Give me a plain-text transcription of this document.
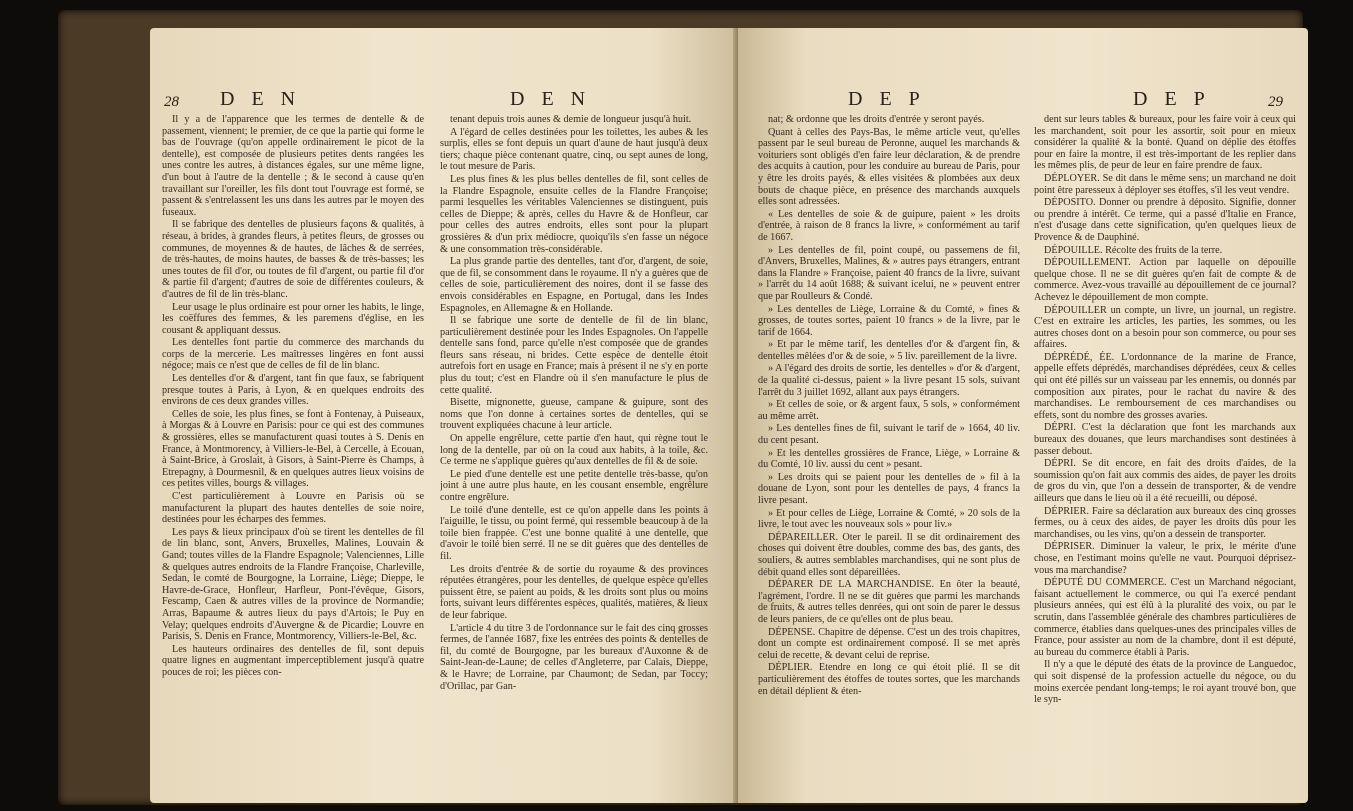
28 D E N	D E N

Il y a de l'apparence que les termes de dentelle & de passement, viennent; le premier, de ce que la partie qui forme le bas de l'ouvrage (qu'on appelle ordinairement le picot de la dentelle), est composée de plusieurs petites dents rangées les unes contre les autres, à distances égales, sur une même ligne, d'un bout à l'autre de la dentelle ; & le second à cause qu'en travaillant sur l'oreiller, les fils dont tout l'ouvrage est formé, se passent & s'entrelassent les uns dans les autres par le moyen des fuseaux.

Il se fabrique des dentelles de plusieurs façons & qualités, à réseau, à brides, à grandes fleurs, à petites fleurs, de grosses ou communes, de moyennes & de hautes, de lâches & de serrées, de très-hautes, de moins hautes, de basses & de très-basses; les unes toutes de fil d'or, ou toutes de fil d'argent, ou partie fil d'or & partie fil d'argent; d'autres de soie de différentes couleurs, & d'autres de fil de lin très-blanc.

Leur usage le plus ordinaire est pour orner les habits, le linge, les coëffures des femmes, & les paremens d'église, en les cousant & appliquant dessus.

Les dentelles font partie du commerce des marchands du corps de la mercerie. Les maîtresses lingères en font aussi négoce; mais ce n'est que de celles de fil de lin blanc.

Les dentelles d'or & d'argent, tant fin que faux, se fabriquent presque toutes à Paris, à Lyon, & en quelques endroits des environs de ces deux grandes villes.

Celles de soie, les plus fines, se font à Fontenay, à Puiseaux, à Morgas & à Louvre en Parisis: pour ce qui est des communes & grossières, elles se manufacturent quasi toutes à S. Denis en France, à Montmorency, à Villiers-le-Bel, à Cercelle, à Ecouan, à Saint-Brice, à Groslait, à Gisors, à Saint-Pierre ès Champs, à Etrepagny, à Dourmesnil, & en quelques autres lieux voisins de ces petites villes, bourgs & villages.

C'est particulièrement à Louvre en Parisis où se manufacturent la plupart des hautes dentelles de soie noire, destinées pour les écharpes des femmes.

Les pays & lieux principaux d'où se tirent les dentelles de fil de lin blanc, sont, Anvers, Bruxelles, Malines, Louvain & Gand; toutes villes de la Flandre Espagnole; Valenciennes, Lille & quelques autres endroits de la Flandre Françoise, Charleville, Sedan, le comté de Bourgogne, la Lorraine, Liège; Dieppe, le Havre-de-Grace, Honfleur, Harfleur, Pont-l'évêque, Gisors, Fescamp, Caen & autres villes de la province de Normandie; Arras, Bapaume & autres lieux du pays d'Artois; le Puy en Velay; quelques endroits d'Auvergne & de Picardie; Louvre en Parisis, S. Denis en France, Montmorency, Villiers-le-Bel, &c.

Les hauteurs ordinaires des dentelles de fil, sont depuis quatre lignes en augmentant imperceptiblement jusqu'à quatre pouces de roi; les pièces con-

tenant depuis trois aunes & demie de longueur jusqu'à huit.

A l'égard de celles destinées pour les toilettes, les aubes & les surplis, elles se font depuis un quart d'aune de haut jusqu'à deux tiers; chaque pièce contenant quatre, cinq, ou sept aunes de long, le tout mesure de Paris.

Les plus fines & les plus belles dentelles de fil, sont celles de la Flandre Espagnole, ensuite celles de la Flandre Françoise; parmi lesquelles les véritables Valenciennes se distinguent, puis celles de Dieppe; & après, celles du Havre & de Honfleur, car pour celles des autres endroits, elles sont pour la plupart grossières & d'un prix médiocre, quoiqu'ils s'en fasse un négoce & une consommation très-considérable.

La plus grande partie des dentelles, tant d'or, d'argent, de soie, que de fil, se consomment dans le royaume. Il n'y a guères que de celles de soie, particulièrement des noires, dont il se fasse des envois considérables en Espagne, en Portugal, dans les Indes Espagnoles, en Allemagne & en Hollande.

Il se fabrique une sorte de dentelle de fil de lin blanc, particulièrement destinée pour les Indes Espagnoles. On l'appelle dentelle sans fond, parce qu'elle n'est composée que de grandes fleurs sans réseau, ni brides. Cette espèce de dentelle étoit autrefois fort en usage en France; mais à présent il ne s'y en porte plus du tout; c'est en Flandre où il s'en manufacture le plus de cette qualité.

Bisette, mignonette, gueuse, campane & guipure, sont des noms que l'on donne à certaines sortes de dentelles, qui se trouvent expliquées chacune à leur article.

On appelle engrêlure, cette partie d'en haut, qui règne tout le long de la dentelle, par où on la coud aux habits, à la toile, &c. Ce terme ne s'applique guères qu'aux dentelles de fil & de soie.

Le pied d'une dentelle est une petite dentelle très-basse, qu'on joint à une autre plus haute, en les cousant ensemble, engrêlure contre engrêlure.

Le toilé d'une dentelle, est ce qu'on appelle dans les points à l'aiguille, le tissu, ou point fermé, qui ressemble beaucoup à de la toile bien frappée. C'est une bonne qualité à une dentelle, que d'avoir le toilé bien serré. Il ne se dit guères que des dentelles de fil.

Les droits d'entrée & de sortie du royaume & des provinces réputées étrangères, pour les dentelles, de quelque espèce qu'elles puissent être, se paient au poids, & les droits sont plus ou moins forts, suivant leurs différentes espèces, qualités, matières, & lieux de leur fabrique.

L'article 4 du titre 3 de l'ordonnance sur le fait des cinq grosses fermes, de l'année 1687, fixe les entrées des points & dentelles de fil, du comté de Bourgogne, par les bureaux d'Auxonne & de Saint-Jean-de-Laune; de celles d'Angleterre, par Calais, Dieppe, & le Havre; de Lorraine, par Chaumont; de Sedan, par Toccy; d'Orillac, par Gan-

D E P	D E P	29

nat; & ordonne que les droits d'entrée y seront payés.

Quant à celles des Pays-Bas, le même article veut, qu'elles passent par le seul bureau de Peronne, auquel les marchands & voituriers sont obligés d'en faire leur déclaration, & de prendre des acquits à caution, pour les conduire au bureau de Paris, pour y être les droits payés, & elles visitées & plombées aux deux bouts de chaque pièce, en présence des marchands auxquels elles sont adressées.

« Les dentelles de soie & de guipure, paient » les droits d'entrée, à raison de 8 francs la livre, » conformément au tarif de 1667.

» Les dentelles de fil, point coupé, ou passemens de fil, d'Anvers, Bruxelles, Malines, & » autres pays étrangers, entrant dans la Flandre » Françoise, paient 40 francs de la livre, suivant » l'arrêt du 14 août 1688; & suivant icelui, ne » peuvent entrer que par Roulleurs & Condé.

» Les dentelles de Liège, Lorraine & du Comté, » fines & grosses, de toutes sortes, paient 10 francs » de la livre, par le tarif de 1664.

» Et par le même tarif, les dentelles d'or & d'argent fin, & dentelles mêlées d'or & de soie, » 5 liv. pareillement de la livre.

» A l'égard des droits de sortie, les dentelles » d'or & d'argent, de la qualité ci-dessus, paient » la livre pesant 15 sols, suivant l'arrêt du 3 juillet 1692, allant aux pays étrangers.

» Et celles de soie, or & argent faux, 5 sols, » conformément au même arrêt.

» Les dentelles fines de fil, suivant le tarif de » 1664, 40 liv. du cent pesant.

» Et les dentelles grossières de France, Liège, » Lorraine & du Comté, 10 liv. aussi du cent » pesant.

» Les droits qui se paient pour les dentelles de » fil à la douane de Lyon, sont pour les dentelles de pays, 4 francs la livre pesant.

» Et pour celles de Liège, Lorraine & Comté, » 20 sols de la livre, le tout avec les nouveaux sols » pour liv.»

DÉPAREILLER. Oter le pareil. Il se dit ordinairement des choses qui doivent être doubles, comme des bas, des gants, des souliers, & autres semblables marchandises, qui ne sont plus de débit quand elles sont dépareillées.

DÉPARER DE LA MARCHANDISE. En ôter la beauté, l'agrément, l'ordre. Il ne se dit guères que parmi les marchands de fruits, & autres telles denrées, qui ont soin de parer le dessus de leurs paniers, de ce qu'elles ont de plus beau.

DÉPENSE. Chapitre de dépense. C'est un des trois chapitres, dont un compte est ordinairement composé. Il se met après celui de recette, & devant celui de reprise.

DÉPLIER. Etendre en long ce qui étoit plié. Il se dit particulièrement des étoffes de toutes sortes, que les marchands en détail déplient & éten-

dent sur leurs tables & bureaux, pour les faire voir à ceux qui les marchandent, soit pour les assortir, soit pour en mieux considérer la qualité & la bonté. Quand on déplie des étoffes pour en faire la montre, il est très-important de les replier dans les mêmes plis, de peur de leur en faire prendre de faux.

DÉPLOYER. Se dit dans le même sens; un marchand ne doit point être paresseux à déployer ses étoffes, s'il les veut vendre.

DÉPOSITO. Donner ou prendre à déposito. Signifie, donner ou prendre à intérêt. Ce terme, qui a passé d'Italie en France, n'est d'usage dans cette signification, qu'en quelques lieux de Provence & de Dauphiné.

DÉPOUILLE. Récolte des fruits de la terre.

DÉPOUILLEMENT. Action par laquelle on dépouille quelque chose. Il ne se dit guères qu'en fait de compte & de commerce. Avez-vous travaillé au dépouillement de ce journal? Achevez le dépouillement de mon compte.

DÉPOUILLER un compte, un livre, un journal, un registre. C'est en extraire les articles, les parties, les sommes, ou les autres choses dont on a besoin pour son commerce, ou pour ses affaires.

DÉPRÉDÉ, ÉE. L'ordonnance de la marine de France, appelle effets déprédés, marchandises déprédées, ceux & celles qui ont été pillés sur un vaisseau par les ennemis, ou donnés par composition aux pirates, pour le rachat du navire & des marchandises. Le remboursement de ces marchandises ou effets, sont du nombre des grosses avaries.

DÉPRI. C'est la déclaration que font les marchands aux bureaux des douanes, que leurs marchandises sont destinées à passer debout.

DÉPRI. Se dit encore, en fait des droits d'aides, de la soumission qu'on fait aux commis des aides, de payer les droits de gros du vin, que l'on a dessein de transporter, & de vendre ailleurs que dans le lieu où il a été recueilli, ou déposé.

DÉPRIER. Faire sa déclaration aux bureaux des cinq grosses fermes, ou à ceux des aides, de payer les droits dûs pour les marchandises, ou les vins, qu'on a dessein de transporter.

DÉPRISER. Diminuer la valeur, le prix, le mérite d'une chose, en l'estimant moins qu'elle ne vaut. Pourquoi déprisez-vous ma marchandise?

DÉPUTÉ DU COMMERCE. C'est un Marchand négociant, faisant actuellement le commerce, ou qui l'a exercé pendant plusieurs années, qui est élû à la pluralité des voix, ou par le scrutin, dans l'assemblée générale des chambres particulières de commerce, établies dans quelques-unes des principales villes de France, pour assister au nom de la chambre, dont il est député, au bureau du commerce établi à Paris.

Il n'y a que le député des états de la province de Languedoc, qui soit dispensé de la profession actuelle du négoce, ou du moins exercée pendant long-temps; le roi ayant trouvé bon, que le syn-
